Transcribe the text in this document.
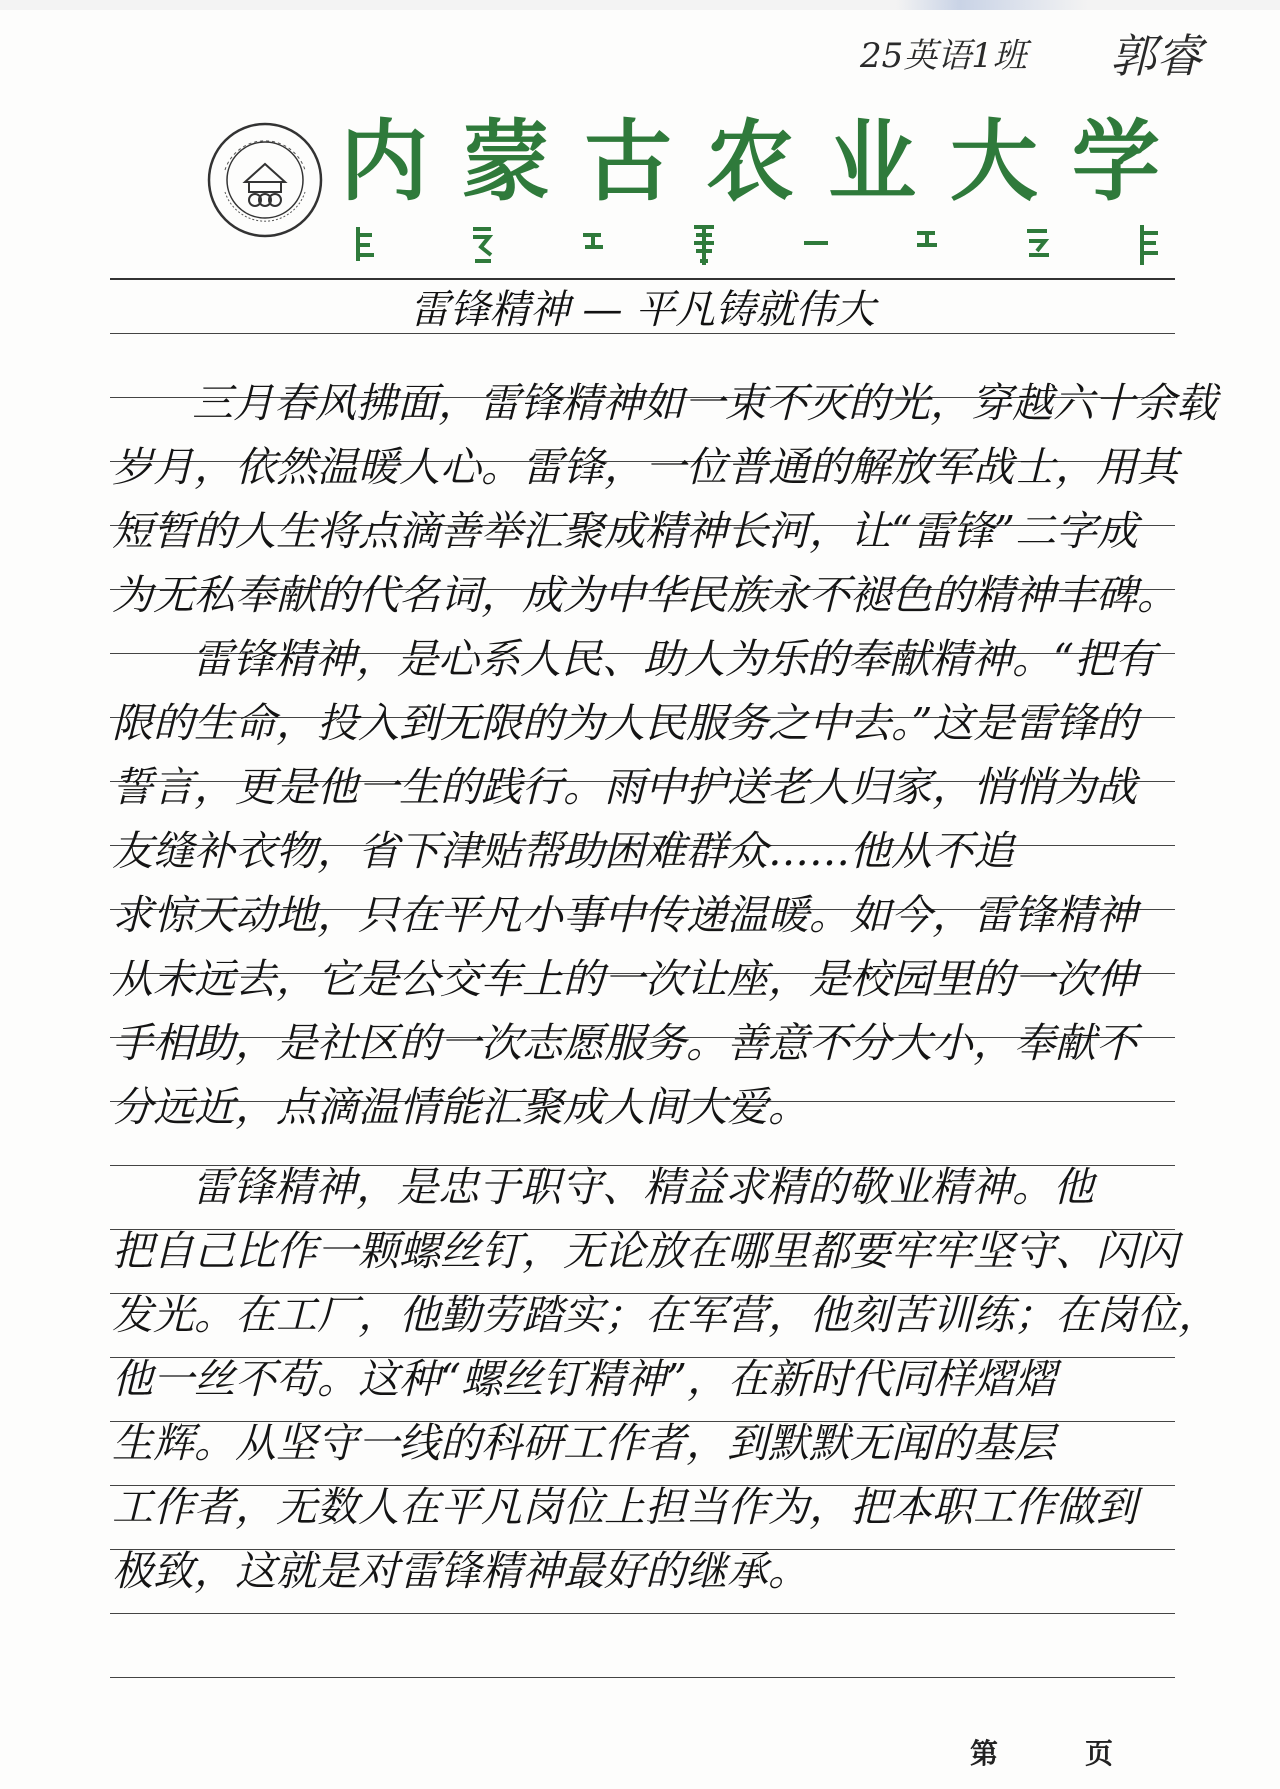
25英语1班 郭睿
内 蒙 古 农 业 大 学
雷锋精神 — 平凡铸就伟大
三月春风拂面，雷锋精神如一束不灭的光，穿越六十余载
岁月，依然温暖人心。雷锋，一位普通的解放军战士，用其
短暂的人生将点滴善举汇聚成精神长河，让“雷锋”二字成
为无私奉献的代名词，成为中华民族永不褪色的精神丰碑。
雷锋精神，是心系人民、助人为乐的奉献精神。“把有
限的生命，投入到无限的为人民服务之中去。”这是雷锋的
誓言，更是他一生的践行。雨中护送老人归家，悄悄为战
友缝补衣物，省下津贴帮助困难群众……他从不追
求惊天动地，只在平凡小事中传递温暖。如今，雷锋精神
从未远去，它是公交车上的一次让座，是校园里的一次伸
手相助，是社区的一次志愿服务。善意不分大小，奉献不
分远近，点滴温情能汇聚成人间大爱。
雷锋精神，是忠于职守、精益求精的敬业精神。他
把自己比作一颗螺丝钉，无论放在哪里都要牢牢坚守、闪闪
发光。在工厂，他勤劳踏实；在军营，他刻苦训练；在岗位，
他一丝不苟。这种“螺丝钉精神”，在新时代同样熠熠
生辉。从坚守一线的科研工作者，到默默无闻的基层
工作者，无数人在平凡岗位上担当作为，把本职工作做到
极致，这就是对雷锋精神最好的继承。
第	页
